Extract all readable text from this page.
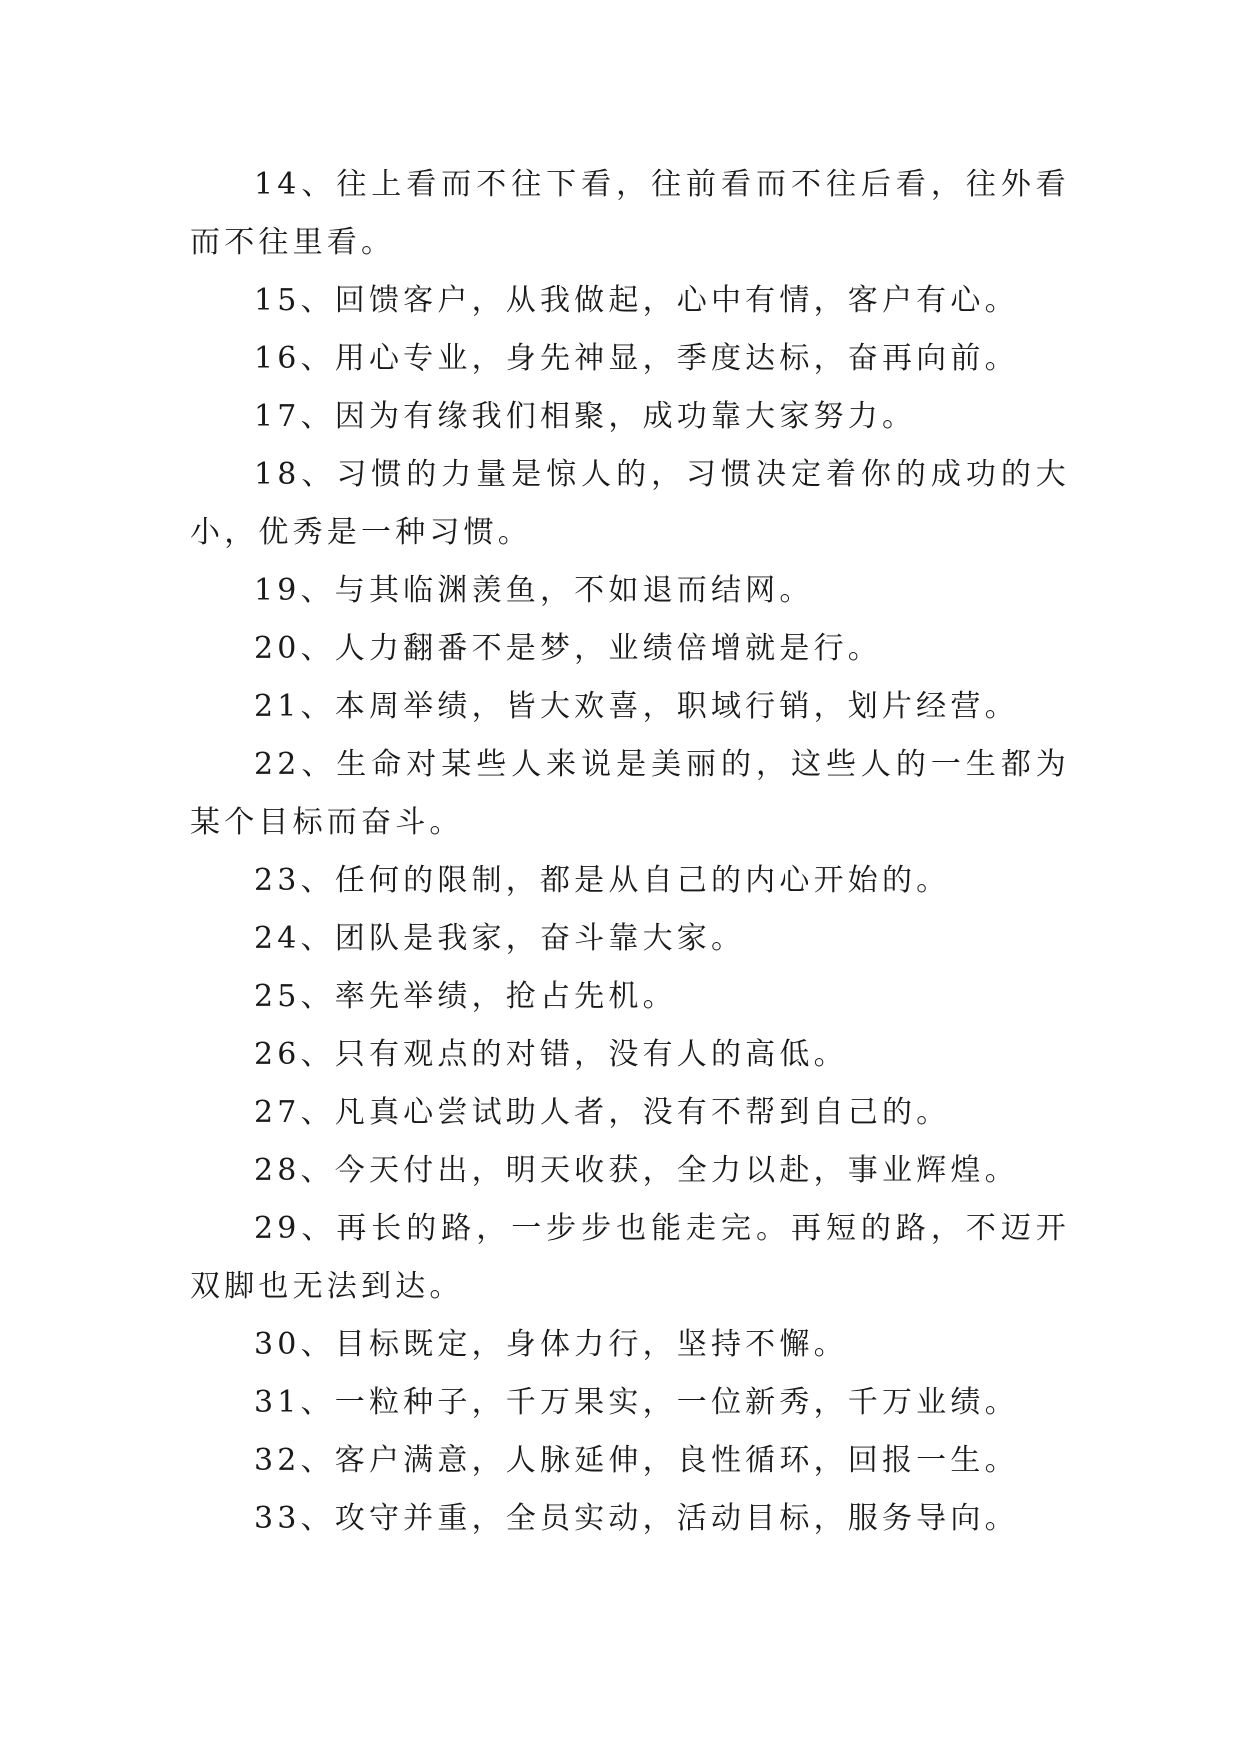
14、往上看而不往下看，往前看而不往后看，往外看而不往里看。

15、回馈客户，从我做起，心中有情，客户有心。

16、用心专业，身先神显，季度达标，奋再向前。

17、因为有缘我们相聚，成功靠大家努力。

18、习惯的力量是惊人的，习惯决定着你的成功的大小，优秀是一种习惯。

19、与其临渊羡鱼，不如退而结网。

20、人力翻番不是梦，业绩倍增就是行。

21、本周举绩，皆大欢喜，职域行销，划片经营。

22、生命对某些人来说是美丽的，这些人的一生都为某个目标而奋斗。

23、任何的限制，都是从自己的内心开始的。

24、团队是我家，奋斗靠大家。

25、率先举绩，抢占先机。

26、只有观点的对错，没有人的高低。

27、凡真心尝试助人者，没有不帮到自己的。

28、今天付出，明天收获，全力以赴，事业辉煌。

29、再长的路，一步步也能走完。再短的路，不迈开双脚也无法到达。

30、目标既定，身体力行，坚持不懈。

31、一粒种子，千万果实，一位新秀，千万业绩。

32、客户满意，人脉延伸，良性循环，回报一生。

33、攻守并重，全员实动，活动目标，服务导向。
